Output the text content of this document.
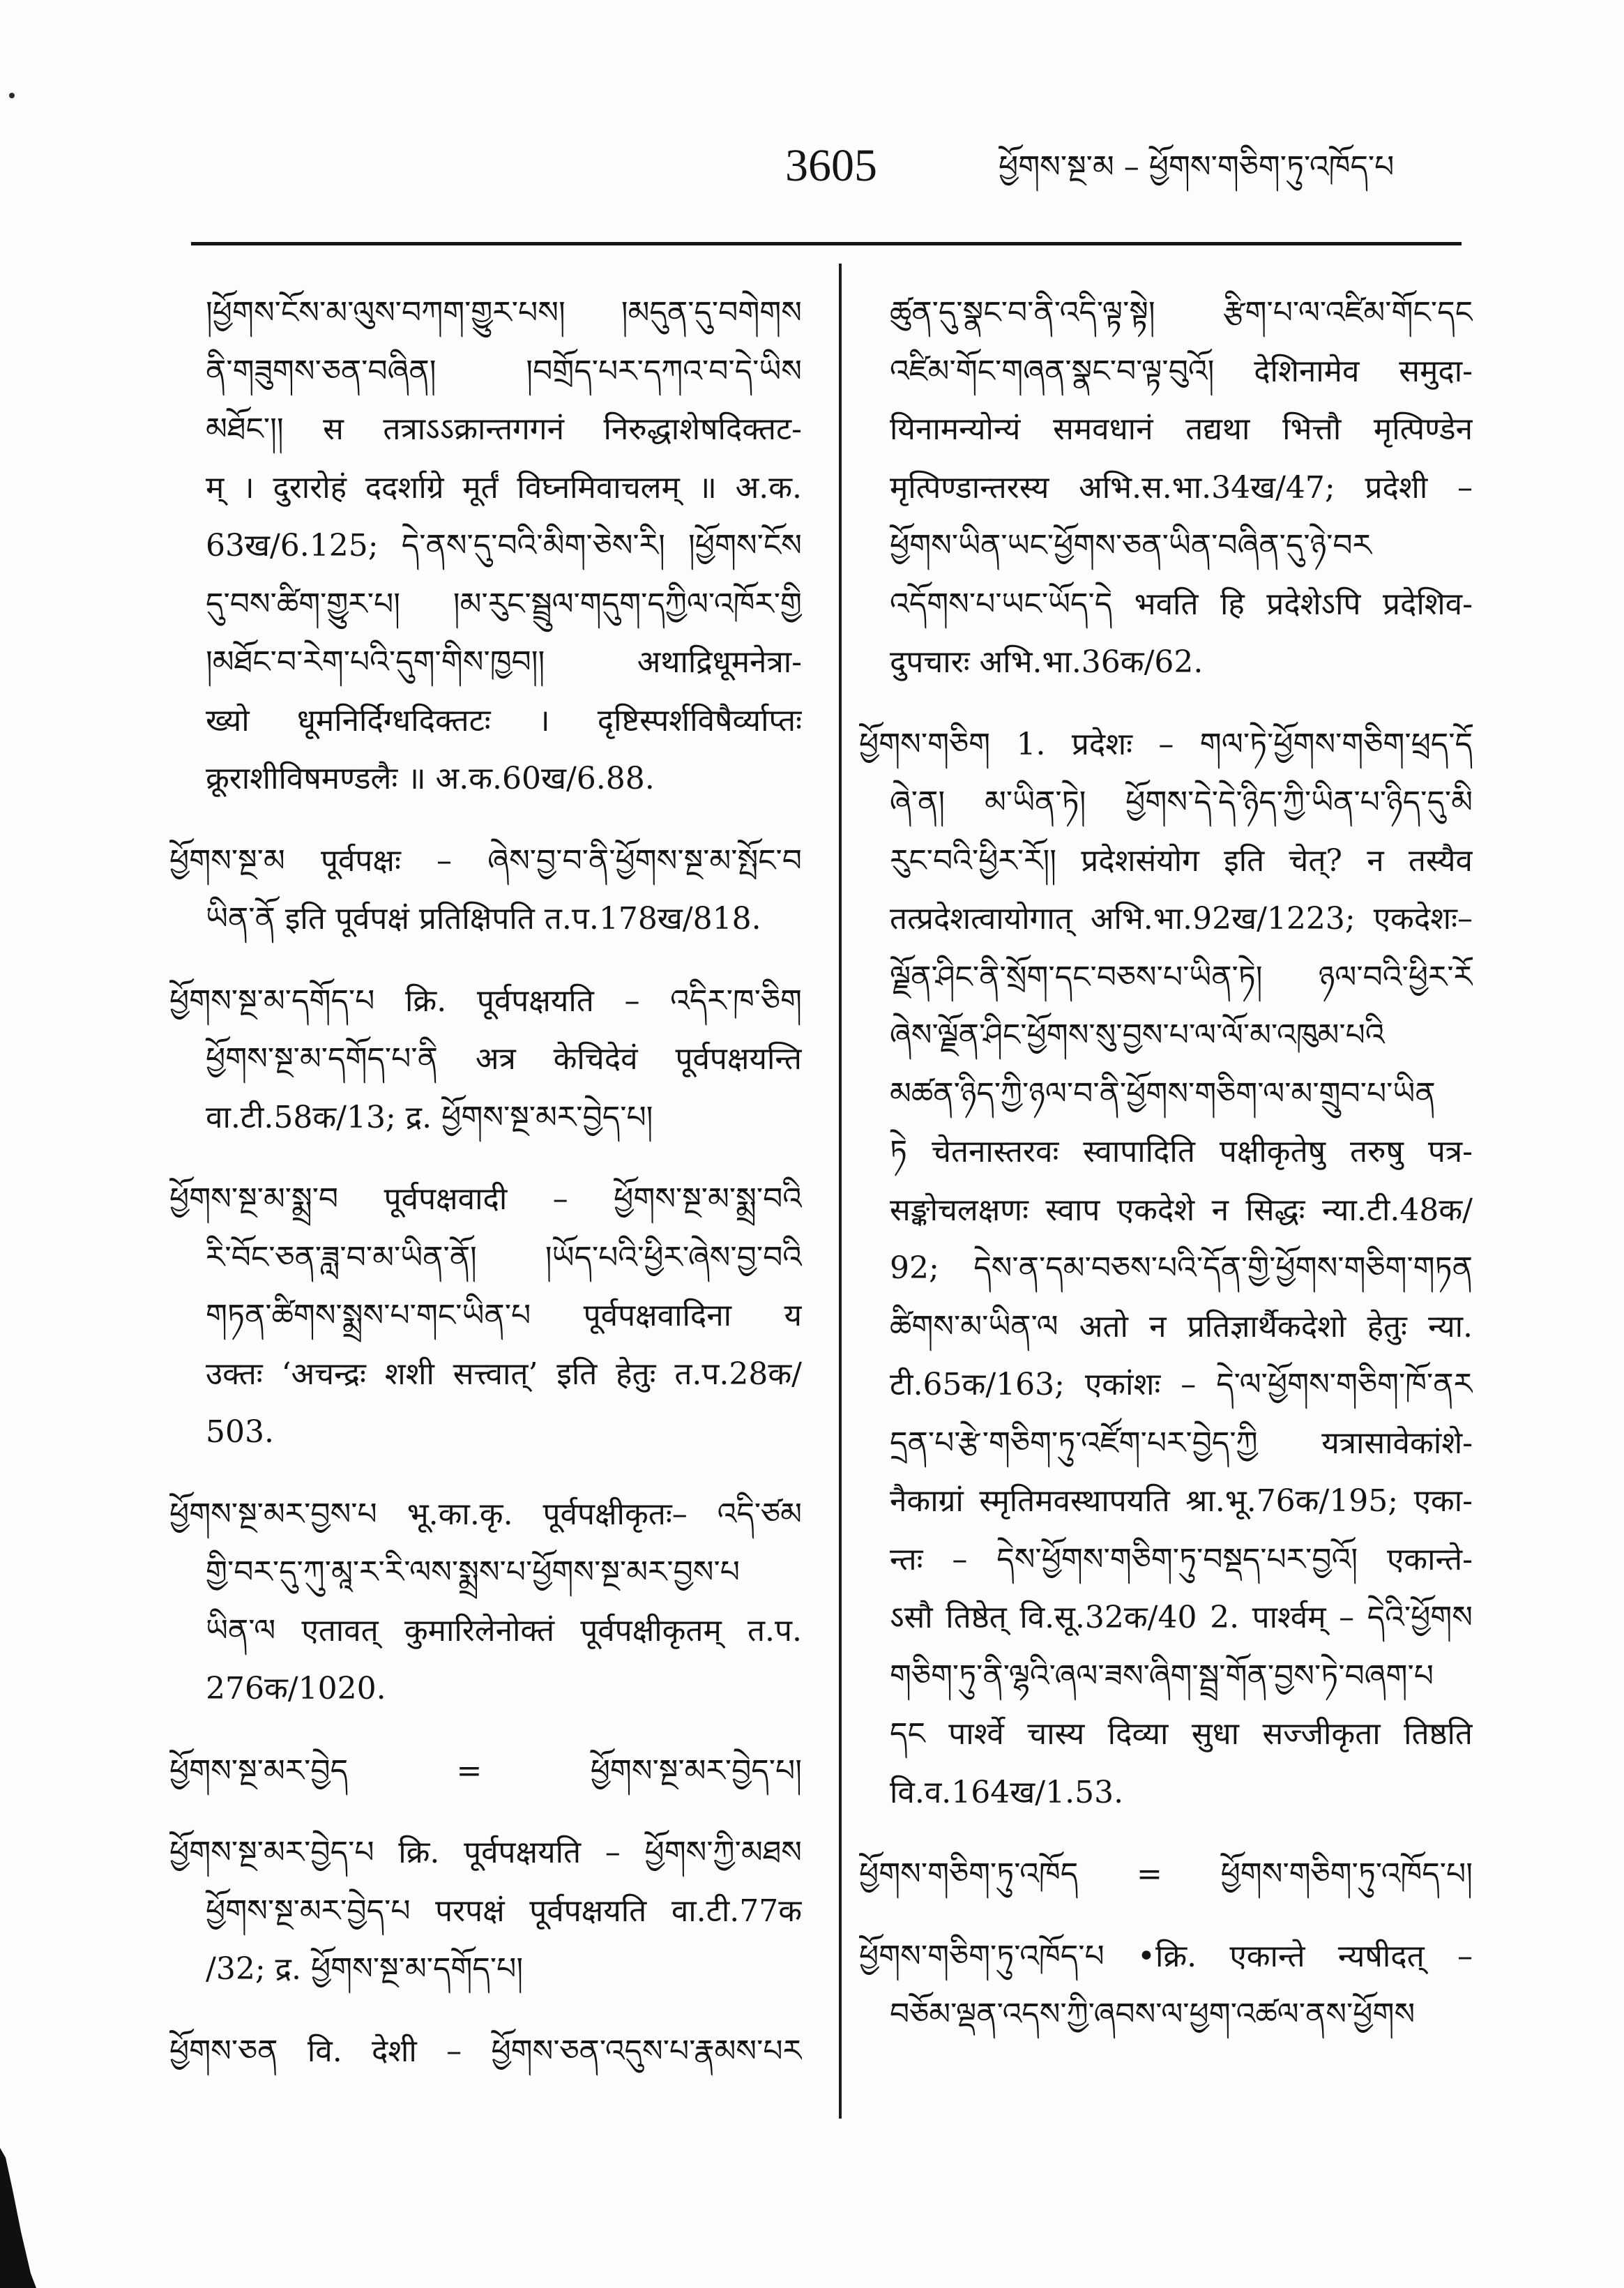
3605	ཕྱོགས་སྔ་མ – ཕྱོགས་གཅིག་ཏུ་འཁོད་པ
།ཕྱོགས་ངོས་མ་ལུས་བཀག་གྱུར་པས། །མདུན་དུ་བགེགས
ནི་གཟུགས་ཅན་བཞིན། །བགྲོད་པར་དཀའ་བ་དེ་ཡིས
མཐོང་།། स तत्राऽऽक्रान्तगगनं निरुद्धाशेषदिक्तट-
म् । दुरारोहं ददर्शाग्रे मूर्तं विघ्नमिवाचलम् ॥ अ.क.
63ख/6.125; དེ་ནས་དུ་བའི་མིག་ཅེས་རི། །ཕྱོགས་ངོས
དུ་བས་ཚིག་གྱུར་པ། །མ་རུང་སྦྲུལ་གདུག་དཀྱིལ་འཁོར་གྱི
།མཐོང་བ་རེག་པའི་དུག་གིས་ཁྱབ།། अथाद्रिधूमनेत्रा-
ख्यो धूमनिर्दिग्धदिक्तटः । दृष्टिस्पर्शविषैर्व्याप्तः
क्रूराशीविषमण्डलैः ॥ अ.क.60ख/6.88.
ཕྱོགས་སྔ་མ पूर्वपक्षः – ཞེས་བྱ་བ་ནི་ཕྱོགས་སྔ་མ་སྤོང་བ
ཡིན་ནོ इति पूर्वपक्षं प्रतिक्षिपति त.प.178ख/818.
ཕྱོགས་སྔ་མ་དགོད་པ क्रि. पूर्वपक्षयति – འདིར་ཁ་ཅིག
ཕྱོགས་སྔ་མ་དགོད་པ་ནི अत्र केचिदेवं पूर्वपक्षयन्ति
वा.टी.58क/13; द्र. ཕྱོགས་སྔ་མར་བྱེད་པ།
ཕྱོགས་སྔ་མ་སྨྲ་བ पूर्वपक्षवादी – ཕྱོགས་སྔ་མ་སྨྲ་བའི
རི་བོང་ཅན་ཟླ་བ་མ་ཡིན་ནོ། །ཡོད་པའི་ཕྱིར་ཞེས་བྱ་བའི
གཏན་ཚིགས་སྨྲས་པ་གང་ཡིན་པ पूर्वपक्षवादिना य
उक्तः ‘अचन्द्रः शशी सत्त्वात्’ इति हेतुः त.प.28क/
503.
ཕྱོགས་སྔ་མར་བྱས་པ भू.का.कृ. पूर्वपक्षीकृतः– འདི་ཙམ
གྱི་བར་དུ་ཀུ་མཱ་ར་རི་ལས་སྨྲས་པ་ཕྱོགས་སྔ་མར་བྱས་པ
ཡིན་ལ एतावत् कुमारिलेनोक्तं पूर्वपक्षीकृतम् त.प.
276क/1020.
ཕྱོགས་སྔ་མར་བྱེད	= ཕྱོགས་སྔ་མར་བྱེད་པ།
ཕྱོགས་སྔ་མར་བྱེད་པ क्रि. पूर्वपक्षयति – ཕྱོགས་ཀྱི་མཐས
ཕྱོགས་སྔ་མར་བྱེད་པ परपक्षं पूर्वपक्षयति वा.टी.77क
/32; द्र. ཕྱོགས་སྔ་མ་དགོད་པ།
ཕྱོགས་ཅན वि. देशी – ཕྱོགས་ཅན་འདུས་པ་རྣམས་པར
ཚུན་དུ་སྣང་བ་ནི་འདི་ལྟ་སྟེ། རྩིག་པ་ལ་འཛིམ་གོང་དང
འཛིམ་གོང་གཞན་སྣང་བ་ལྟ་བུའོ། देशिनामेव समुदा-
यिनामन्योन्यं समवधानं तद्यथा भित्तौ मृत्पिण्डेन
मृत्पिण्डान्तरस्य अभि.स.भा.34ख/47; प्रदेशी –
ཕྱོགས་ཡིན་ཡང་ཕྱོགས་ཅན་ཡིན་བཞིན་དུ་ཉེ་བར
འདོགས་པ་ཡང་ཡོད་དེ भवति हि प्रदेशेऽपि प्रदेशिव-
दुपचारः अभि.भा.36क/62.
ཕྱོགས་གཅིག 1. प्रदेशः – གལ་ཏེ་ཕྱོགས་གཅིག་ཕྲད་དོ
ཞེ་ན། མ་ཡིན་ཏེ། ཕྱོགས་དེ་དེ་ཉིད་ཀྱི་ཡིན་པ་ཉིད་དུ་མི
རུང་བའི་ཕྱིར་རོ།། प्रदेशसंयोग इति चेत्? न तस्यैव
तत्प्रदेशत्वायोगात् अभि.भा.92ख/1223; एकदेशः–
ལྗོན་ཤིང་ནི་སྲོག་དང་བཅས་པ་ཡིན་ཏེ། ཉལ་བའི་ཕྱིར་རོ
ཞེས་ལྗོན་ཤིང་ཕྱོགས་སུ་བྱས་པ་ལ་ལོ་མ་འཁུམ་པའི
མཚན་ཉིད་ཀྱི་ཉལ་བ་ནི་ཕྱོགས་གཅིག་ལ་མ་གྲུབ་པ་ཡིན
ཏེ चेतनास्तरवः स्वापादिति पक्षीकृतेषु तरुषु पत्र-
सङ्कोचलक्षणः स्वाप एकदेशे न सिद्धः न्या.टी.48क/
92; དེས་ན་དམ་བཅས་པའི་དོན་གྱི་ཕྱོགས་གཅིག་གཏན
ཚིགས་མ་ཡིན་ལ अतो न प्रतिज्ञार्थैकदेशो हेतुः न्या.
टी.65क/163; एकांशः – དེ་ལ་ཕྱོགས་གཅིག་ཁོ་ནར
དྲན་པ་རྩེ་གཅིག་ཏུ་འཛོག་པར་བྱེད་ཀྱི यत्रासावेकांशे-
नैकाग्रां स्मृतिमवस्थापयति श्रा.भू.76क/195; एका-
न्तः – དེས་ཕྱོགས་གཅིག་ཏུ་བསྡད་པར་བྱའོ། एकान्ते-
ऽसौ तिष्ठेत् वि.सू.32क/40 2. पार्श्वम् – དེའི་ཕྱོགས
གཅིག་ཏུ་ནི་ལྷའི་ཞལ་ཟས་ཞིག་སྦྲ་གོན་བྱས་ཏེ་བཞག་པ
དང पार्श्वे चास्य दिव्या सुधा सज्जीकृता तिष्ठति
वि.व.164ख/1.53.
ཕྱོགས་གཅིག་ཏུ་འཁོད = ཕྱོགས་གཅིག་ཏུ་འཁོད་པ།
ཕྱོགས་གཅིག་ཏུ་འཁོད་པ •क्रि. एकान्ते न्यषीदत् –
བཅོམ་ལྡན་འདས་ཀྱི་ཞབས་ལ་ཕྱག་འཚལ་ནས་ཕྱོགས
